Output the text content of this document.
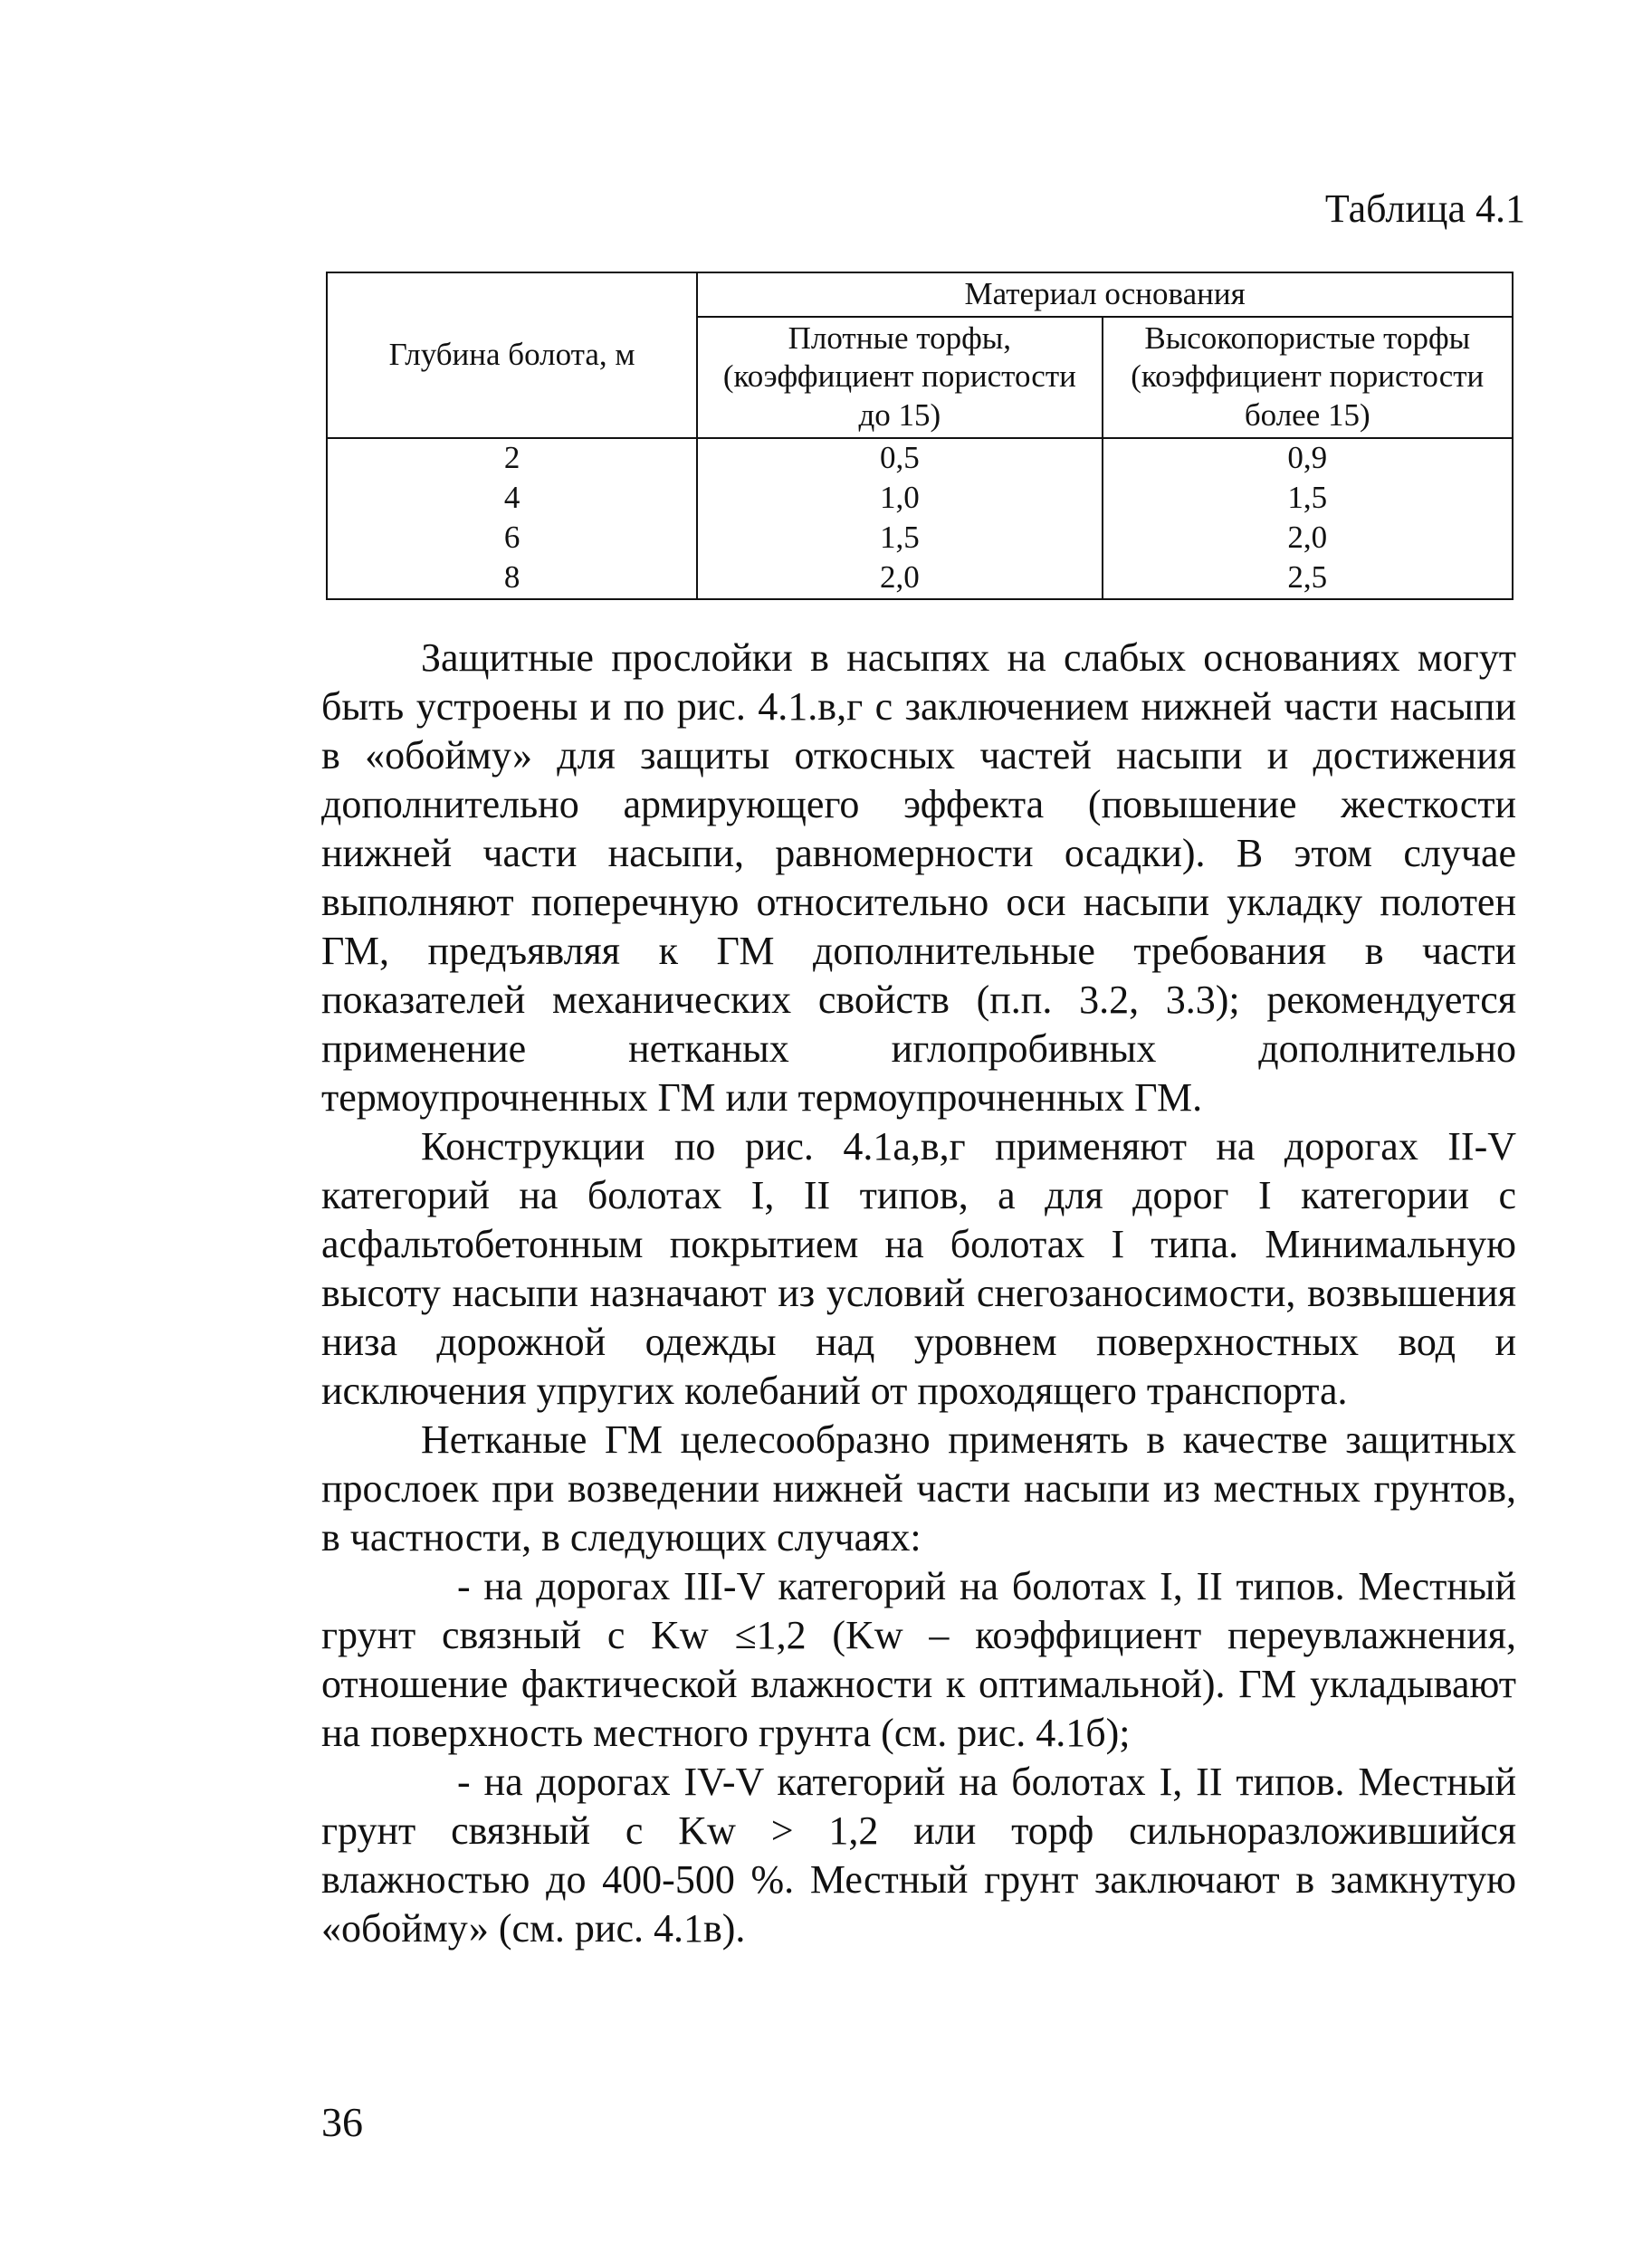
Таблица 4.1
Глубина болота, м	Материал основания	
	Плотные торфы, (коэффициент пористости до 15)	Высокопористые торфы (коэффициент пористости более 15)
2	0,5	0,9
4	1,0	1,5
6	1,5	2,0
8	2,0	2,5

Защитные прослойки в насыпях на слабых основаниях могут быть устроены и по рис. 4.1.в,г с заключением нижней части насыпи в «обойму» для защиты откосных частей насыпи и достижения дополнительно армирующего эффекта (повышение жесткости нижней части насыпи, равномерности осадки). В этом случае выполняют поперечную относительно оси насыпи укладку полотен ГМ, предъявляя к ГМ дополнительные требования в части показателей механических свойств (п.п. 3.2, 3.3); рекомендуется применение нетканых иглопробивных дополнительно термоупрочненных ГМ или термоупрочненных ГМ.

Конструкции по рис. 4.1а,в,г применяют на дорогах II-V категорий на болотах I, II типов, а для дорог I категории с асфальтобетонным покрытием на болотах I типа. Минимальную высоту насыпи назначают из условий снегозаносимости, возвышения низа дорожной одежды над уровнем поверхностных вод и исключения упругих колебаний от проходящего транспорта.

Нетканые ГМ целесообразно применять в качестве защитных прослоек при возведении нижней части насыпи из местных грунтов, в частности, в следующих случаях:

- на дорогах III-V категорий на болотах I, II типов. Местный грунт связный с Kw ≤1,2 (Kw – коэффициент переувлажнения, отношение фактической влажности к оптимальной). ГМ укладывают на поверхность местного грунта (см. рис. 4.1б);

- на дорогах IV-V категорий на болотах I, II типов. Местный грунт связный с Kw > 1,2 или торф сильноразложившийся влажностью до 400-500 %. Местный грунт заключают в замкнутую «обойму» (см. рис. 4.1в).

36
